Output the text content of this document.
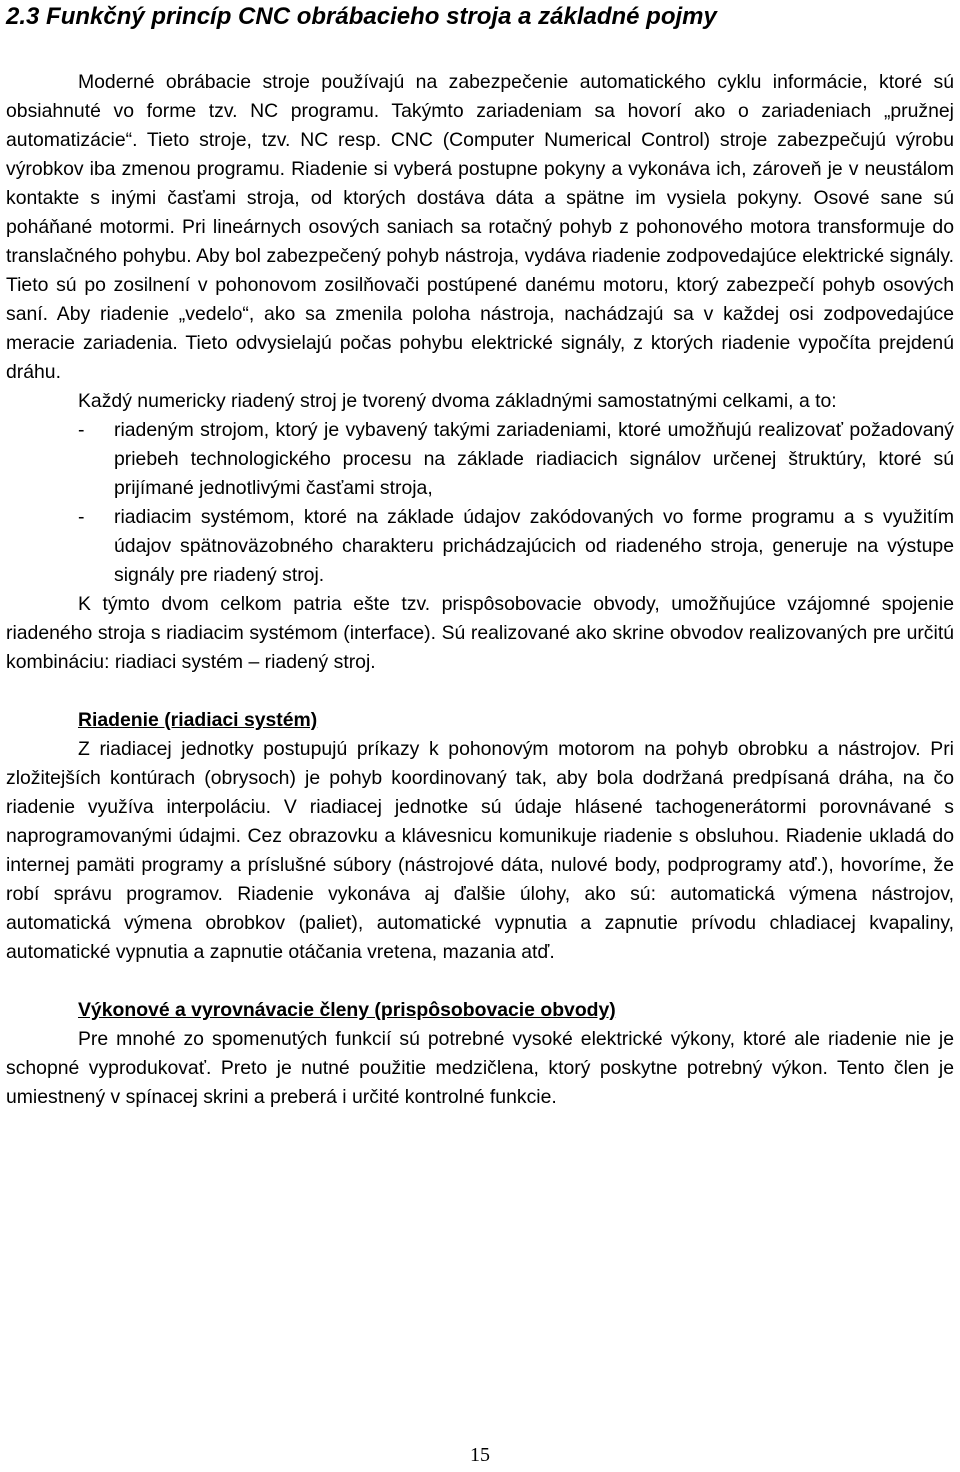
2.3 Funkčný princíp CNC obrábacieho stroja a základné pojmy

Moderné obrábacie stroje používajú na zabezpečenie automatického cyklu informácie, ktoré sú obsiahnuté vo forme tzv. NC programu. Takýmto zariadeniam sa hovorí ako o zariadeniach „pružnej automatizácie“. Tieto stroje, tzv. NC resp. CNC (Computer Numerical Control) stroje zabezpečujú výrobu výrobkov iba zmenou programu. Riadenie si vyberá postupne pokyny a vykonáva ich, zároveň je v neustálom kontakte s inými časťami stroja, od ktorých dostáva dáta a spätne im vysiela pokyny. Osové sane sú poháňané motormi. Pri lineárnych osových saniach sa rotačný pohyb z pohonového motora transformuje do translačného pohybu. Aby bol zabezpečený pohyb nástroja, vydáva riadenie zodpovedajúce elektrické signály. Tieto sú po zosilnení v pohonovom zosilňovači postúpené danému motoru, ktorý zabezpečí pohyb osových saní. Aby riadenie „vedelo“, ako sa zmenila poloha nástroja, nachádzajú sa v každej osi zodpovedajúce meracie zariadenia. Tieto odvysielajú počas pohybu elektrické signály, z ktorých riadenie vypočíta prejdenú dráhu.

Každý numericky riadený stroj je tvorený dvoma základnými samostatnými celkami, a to:

- riadeným strojom, ktorý je vybavený takými zariadeniami, ktoré umožňujú realizovať požadovaný priebeh technologického procesu na základe riadiacich signálov určenej štruktúry, ktoré sú prijímané jednotlivými časťami stroja,
- riadiacim systémom, ktoré na základe údajov zakódovaných vo forme programu a s využitím údajov spätnoväzobného charakteru prichádzajúcich od riadeného stroja, generuje na výstupe signály pre riadený stroj.

K týmto dvom celkom patria ešte tzv. prispôsobovacie obvody, umožňujúce vzájomné spojenie riadeného stroja s riadiacim systémom (interface). Sú realizované ako skrine obvodov realizovaných pre určitú kombináciu: riadiaci systém – riadený stroj.

Riadenie (riadiaci systém)

Z riadiacej jednotky postupujú príkazy k pohonovým motorom na pohyb obrobku a nástrojov. Pri zložitejších kontúrach (obrysoch) je pohyb koordinovaný tak, aby bola dodržaná predpísaná dráha, na čo riadenie využíva interpoláciu. V riadiacej jednotke sú údaje hlásené tachogenerátormi porovnávané s naprogramovanými údajmi. Cez obrazovku a klávesnicu komunikuje riadenie s obsluhou. Riadenie ukladá do internej pamäti programy a príslušné súbory (nástrojové dáta, nulové body, podprogramy atď.), hovoríme, že robí správu programov. Riadenie vykonáva aj ďalšie úlohy, ako sú: automatická výmena nástrojov, automatická výmena obrobkov (paliet), automatické vypnutia a zapnutie prívodu chladiacej kvapaliny, automatické vypnutia a zapnutie otáčania vretena, mazania atď.

Výkonové a vyrovnávacie členy (prispôsobovacie obvody)

Pre mnohé zo spomenutých funkcií sú potrebné vysoké elektrické výkony, ktoré ale riadenie nie je schopné vyprodukovať. Preto je nutné použitie medzičlena, ktorý poskytne potrebný výkon. Tento člen je umiestnený v spínacej skrini a preberá i určité kontrolné funkcie.

15
